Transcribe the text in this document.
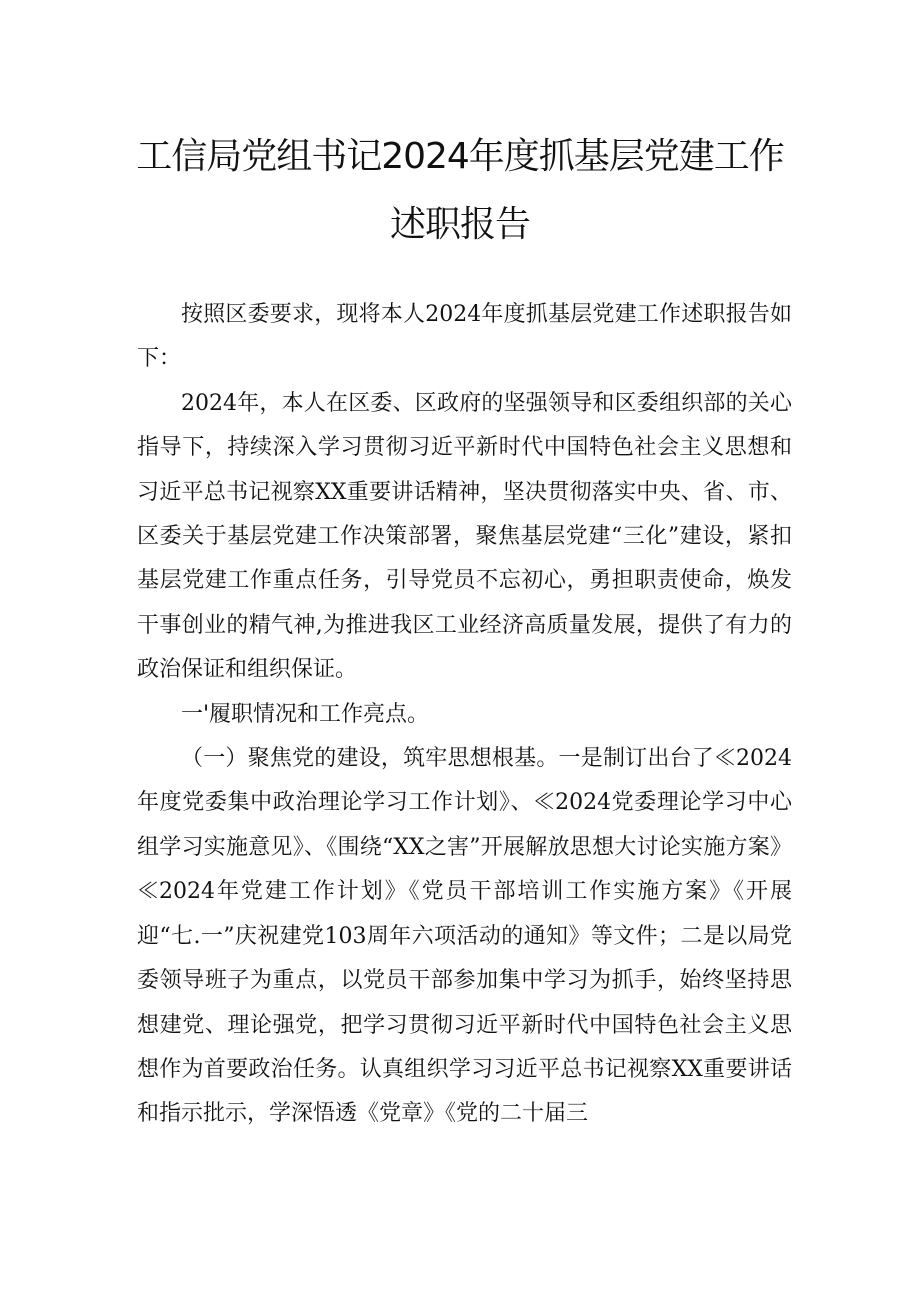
工信局党组书记2024年度抓基层党建工作
述职报告

按照区委要求，现将本人2024年度抓基层党建工作述职报告如下：

2024年，本人在区委、区政府的坚强领导和区委组织部的关心指导下，持续深入学习贯彻习近平新时代中国特色社会主义思想和习近平总书记视察XX重要讲话精神，坚决贯彻落实中央、省、市、区委关于基层党建工作决策部署，聚焦基层党建“三化”建设，紧扣基层党建工作重点任务，引导党员不忘初心，勇担职责使命，焕发干事创业的精气神,为推进我区工业经济高质量发展，提供了有力的政治保证和组织保证。

一'履职情况和工作亮点。

（一）聚焦党的建设，筑牢思想根基。一是制订出台了≪2024年度党委集中政治理论学习工作计划》、≪2024党委理论学习中心组学习实施意见》、《围绕“XX之害”开展解放思想大讨论实施方案》≪2024年党建工作计划》《党员干部培训工作实施方案》《开展迎“七.一”庆祝建党103周年六项活动的通知》等文件；二是以局党委领导班子为重点，以党员干部参加集中学习为抓手，始终坚持思想建党、理论强党，把学习贯彻习近平新时代中国特色社会主义思想作为首要政治任务。认真组织学习习近平总书记视察XX重要讲话和指示批示，学深悟透《党章》《党的二十届三
